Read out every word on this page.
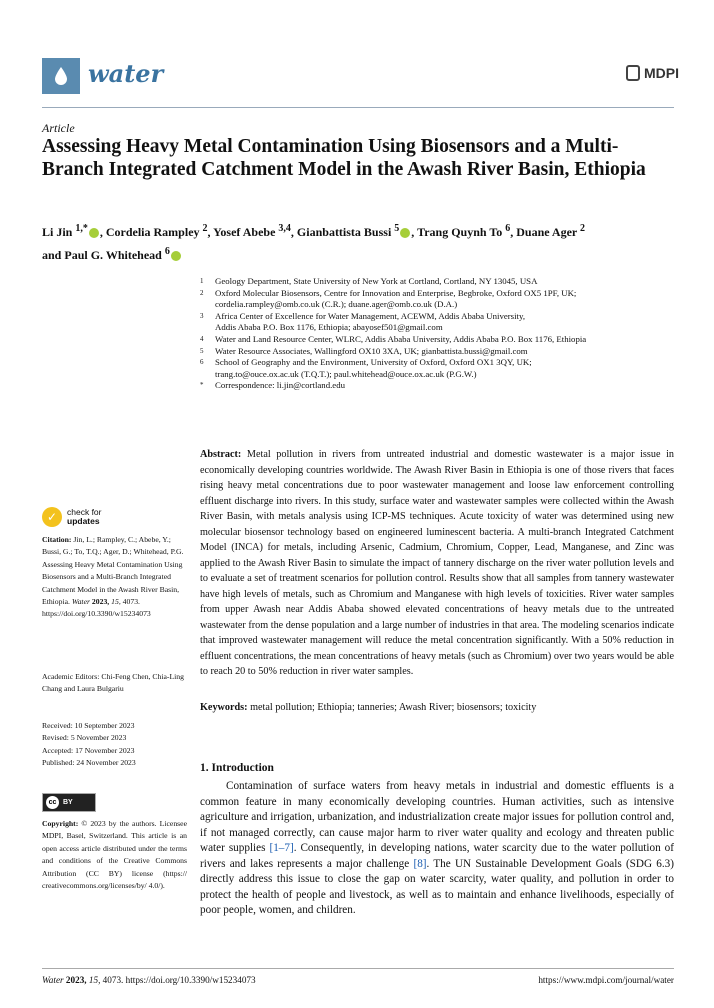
water	MDPI
Article
Assessing Heavy Metal Contamination Using Biosensors and a Multi-Branch Integrated Catchment Model in the Awash River Basin, Ethiopia
Li Jin $^{1,*}$ , Cordelia Rampley $^2$, Yosef Abebe $^{3,4}$, Gianbattista Bussi $^5$ , Trang Quynh To $^6$, Duane Ager $^2$
and Paul G. Whitehead $^6$
1	Geology Department, State University of New York at Cortland, Cortland, NY 13045, USA
2	Oxford Molecular Biosensors, Centre for Innovation and Enterprise, Begbroke, Oxford OX5 1PF, UK;
cordelia.rampley@omb.co.uk (C.R.); duane.ager@omb.co.uk (D.A.)
3	Africa Center of Excellence for Water Management, ACEWM, Addis Ababa University,
Addis Ababa P.O. Box 1176, Ethiopia; abayosef501@gmail.com
4	Water and Land Resource Center, WLRC, Addis Ababa University, Addis Ababa P.O. Box 1176, Ethiopia
5	Water Resource Associates, Wallingford OX10 3XA, UK; gianbattista.bussi@gmail.com
6	School of Geography and the Environment, University of Oxford, Oxford OX1 3QY, UK;
trang.to@ouce.ox.ac.uk (T.Q.T.); paul.whitehead@ouce.ox.ac.uk (P.G.W.)
*	Correspondence: li.jin@cortland.edu
Abstract: Metal pollution in rivers from untreated industrial and domestic wastewater is a major issue in economically developing countries worldwide. The Awash River Basin in Ethiopia is one of those rivers that faces rising heavy metal concentrations due to poor wastewater management and loose law enforcement controlling effluent discharge into rivers. In this study, surface water and wastewater samples were collected within the Awash River Basin, with metals analysis using ICP-MS techniques. Acute toxicity of water was determined using new molecular biosensor technology based on engineered luminescent bacteria. A multi-branch Integrated Catchment Model (INCA) for metals, including Arsenic, Cadmium, Chromium, Copper, Lead, Manganese, and Zinc was applied to the Awash River Basin to simulate the impact of tannery discharge on the river water pollution levels and to evaluate a set of treatment scenarios for pollution control. Results show that all samples from tannery wastewater have high levels of metals, such as Chromium and Manganese with high levels of toxicities. River water samples from upper Awash near Addis Ababa showed elevated concentrations of heavy metals due to the untreated wastewater from the dense population and a large number of industries in that area. The modeling scenarios indicate that improved wastewater management will reduce the metal concentration significantly. With a 50% reduction in effluent concentrations, the mean concentrations of heavy metals (such as Chromium) over two years would be able to reach 20 to 50% reduction in river water samples.
Keywords: metal pollution; Ethiopia; tanneries; Awash River; biosensors; toxicity
✓	check for
updates
Citation: Jin, L.; Rampley, C.; Abebe, Y.; Bussi, G.; To, T.Q.; Ager, D.; Whitehead, P.G. Assessing Heavy Metal Contamination Using Biosensors and a Multi-Branch Integrated Catchment Model in the Awash River Basin, Ethiopia. Water 2023, 15, 4073. https://doi.org/10.3390/w15234073
Academic Editors: Chi-Feng Chen, Chia-Ling Chang and Laura Bulgariu
Received: 10 September 2023
Revised: 5 November 2023
Accepted: 17 November 2023
Published: 24 November 2023
cc BY
Copyright: © 2023 by the authors. Licensee MDPI, Basel, Switzerland. This article is an open access article distributed under the terms and conditions of the Creative Commons Attribution (CC BY) license (https:// creativecommons.org/licenses/by/ 4.0/).
1. Introduction
Contamination of surface waters from heavy metals in industrial and domestic effluents is a common feature in many economically developing countries. Human activities, such as intensive agriculture and irrigation, urbanization, and industrialization create major issues for pollution control and, if not managed correctly, can cause major harm to river water quality and ecology and threaten public water supplies [1–7]. Consequently, in developing nations, water scarcity due to the water pollution of rivers and lakes represents a major challenge [8]. The UN Sustainable Development Goals (SDG 6.3) directly address this issue to close the gap on water scarcity, water quality, and pollution in order to protect the health of people and livestock, as well as to maintain and enhance livelihoods, especially of poor people, women, and children.
Water 2023, 15, 4073. https://doi.org/10.3390/w15234073	https://www.mdpi.com/journal/water
